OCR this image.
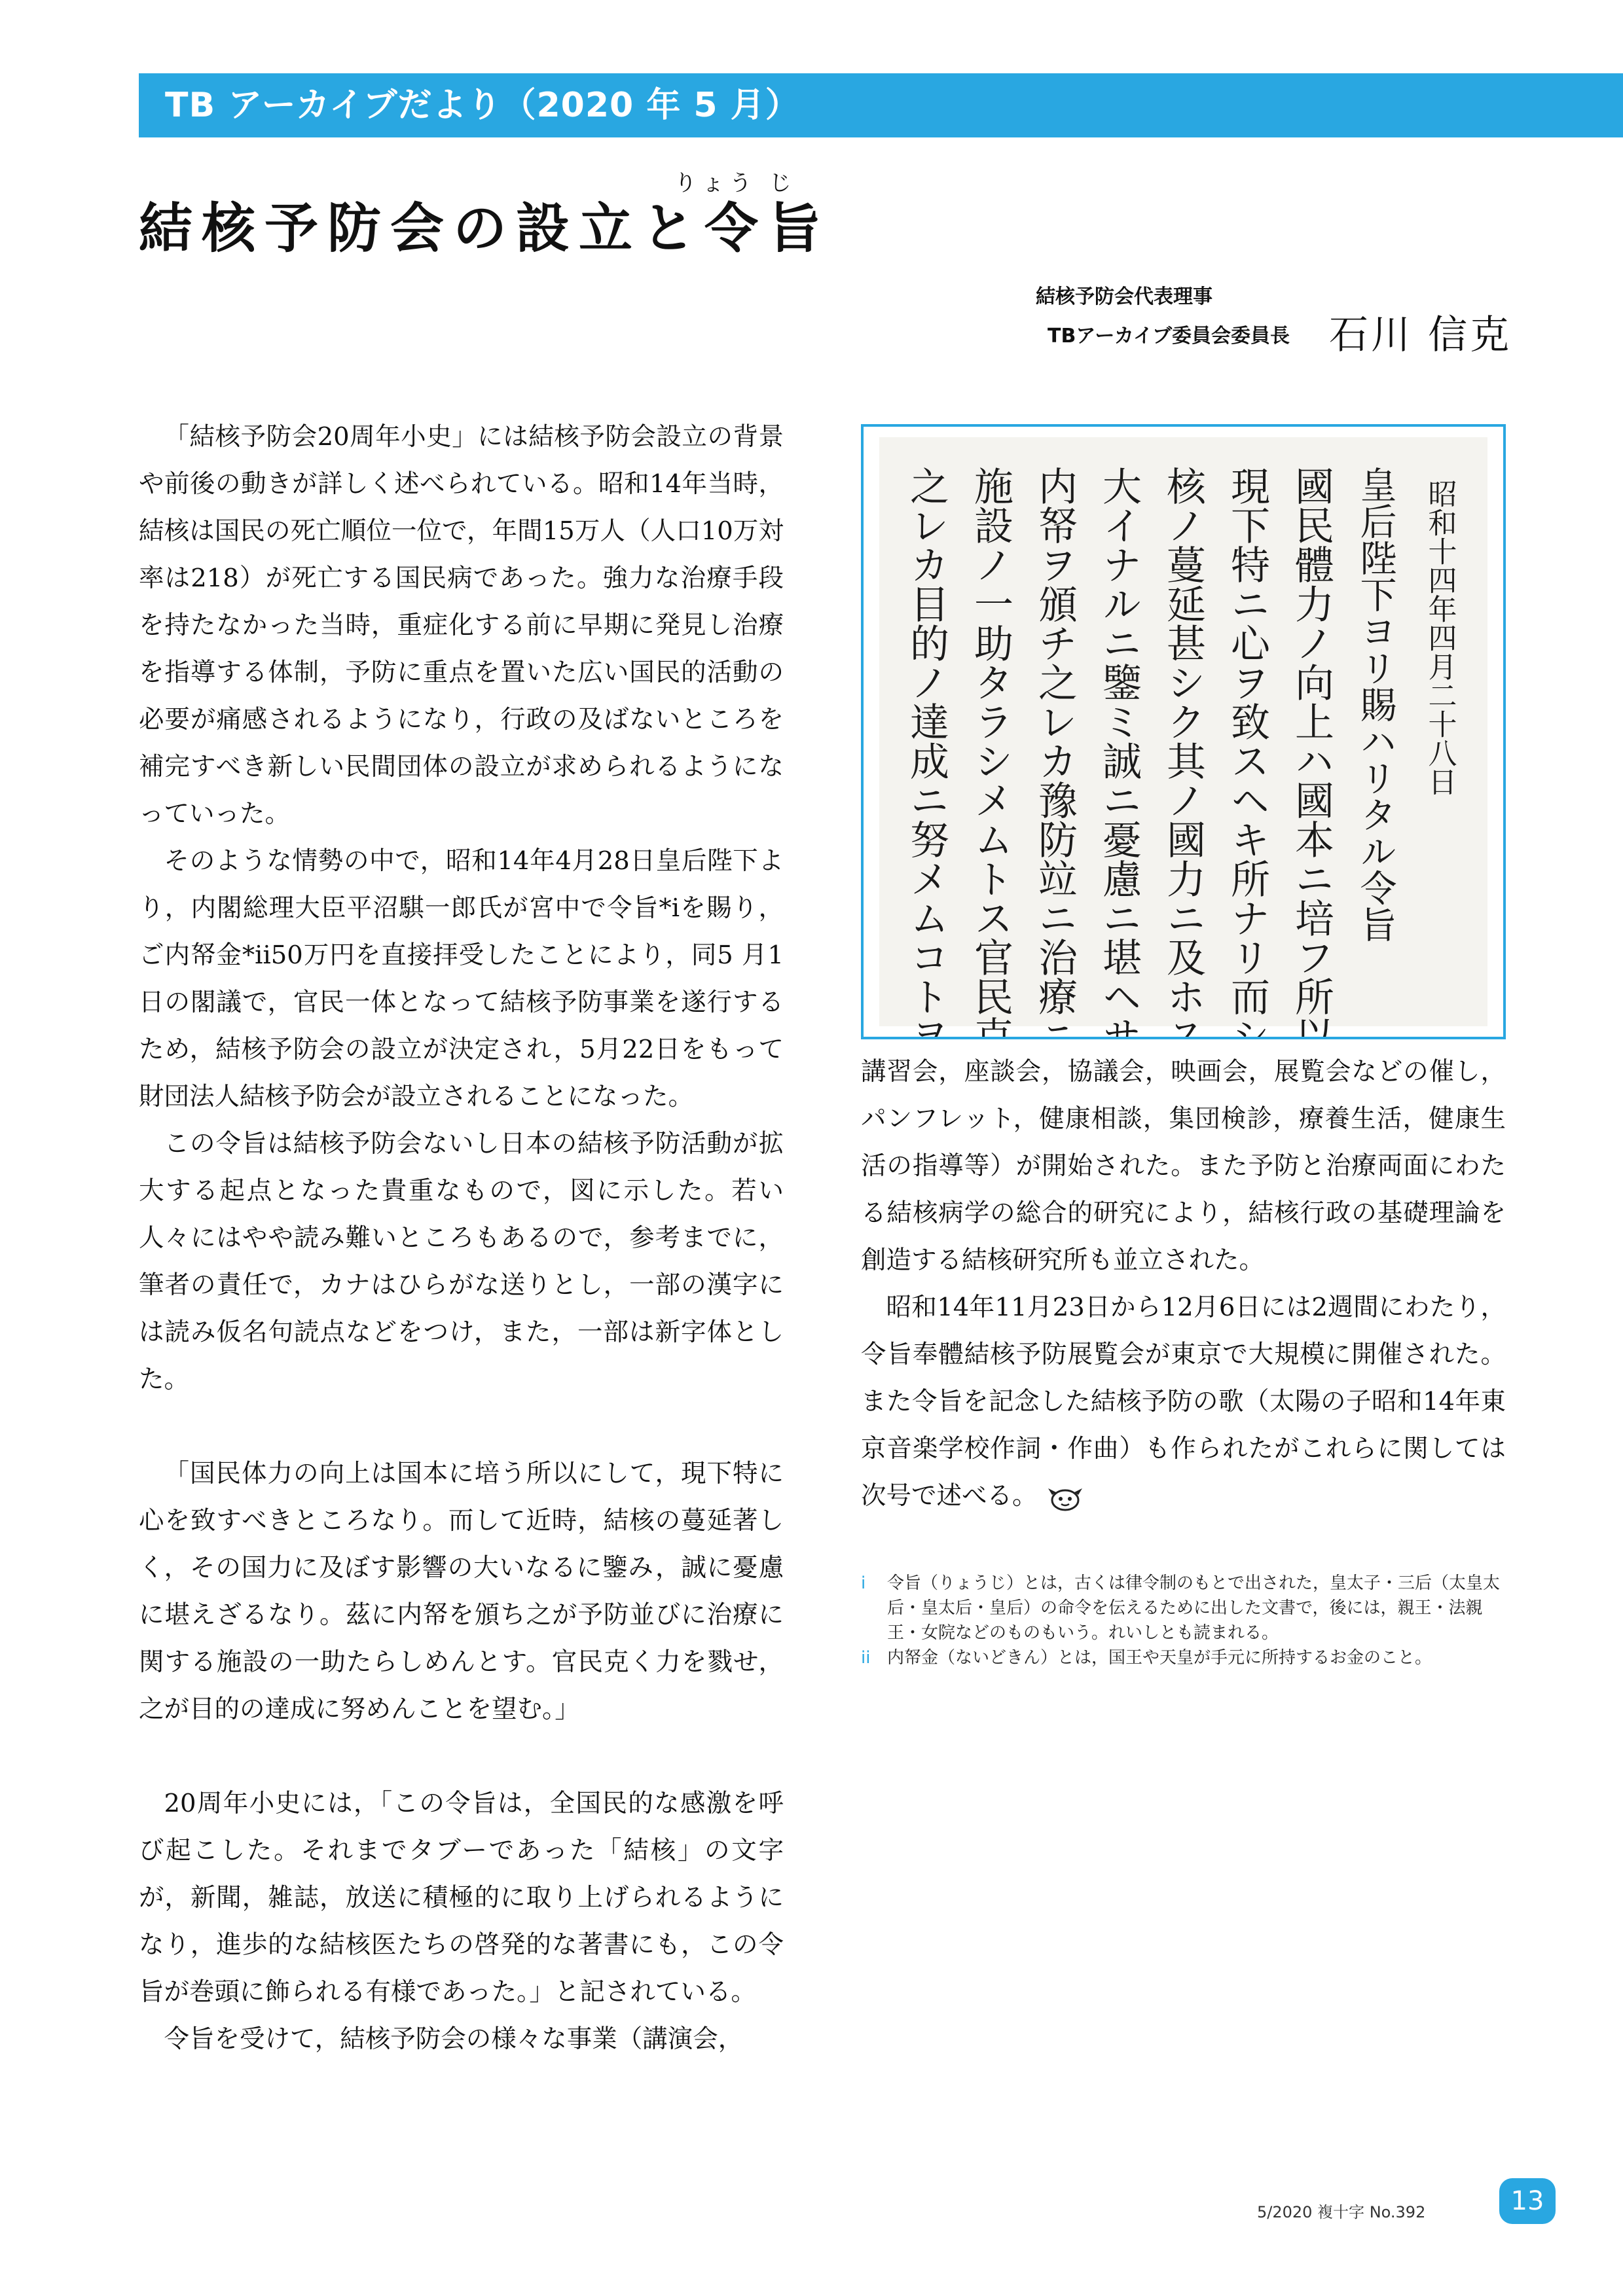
TB アーカイブだより（2020 年 5 月）
りょう じ
結核予防会の設立と令旨
結核予防会代表理事
TBアーカイブ委員会委員長 石川 信克

「結核予防会20周年小史」には結核予防会設立の背景や前後の動きが詳しく述べられている。昭和14年当時，結核は国民の死亡順位一位で，年間15万人（人口10万対率は218）が死亡する国民病であった。強力な治療手段を持たなかった当時，重症化する前に早期に発見し治療を指導する体制，予防に重点を置いた広い国民的活動の必要が痛感されるようになり，行政の及ばないところを補完すべき新しい民間団体の設立が求められるようになっていった。

そのような情勢の中で，昭和14年4月28日皇后陛下より，内閣総理大臣平沼騏一郎氏が宮中で令旨*iを賜り，ご内帑金*ii50万円を直接拝受したことにより，同5 月1 日の閣議で，官民一体となって結核予防事業を遂行するため，結核予防会の設立が決定され，5月22日をもって財団法人結核予防会が設立されることになった。

この令旨は結核予防会ないし日本の結核予防活動が拡大する起点となった貴重なもので，図に示した。若い人々にはやや読み難いところもあるので，参考までに，筆者の責任で，カナはひらがな送りとし，一部の漢字には読み仮名句読点などをつけ，また，一部は新字体とした。

「国民体力の向上は国本に培う所以にして，現下特に心を致すべきところなり。而して近時，結核の蔓延著しく，その国力に及ぼす影響の大いなるに鑒み，誠に憂慮に堪えざるなり。茲に内帑を頒ち之が予防並びに治療に関する施設の一助たらしめんとす。官民克く力を戮せ，之が目的の達成に努めんことを望む。」

20周年小史には，「この令旨は，全国民的な感激を呼び起こした。それまでタブーであった「結核」の文字が，新聞，雑誌，放送に積極的に取り上げられるようになり，進歩的な結核医たちの啓発的な著書にも，この令旨が巻頭に飾られる有様であった。」と記されている。

令旨を受けて，結核予防会の様々な事業（講演会，

昭和十四年四月二十八日
皇后陛下ヨリ賜ハリタル令旨
國民體力ノ向上ハ國本ニ培フ所以ニシテ
現下特ニ心ヲ致スヘキ所ナリ而シテ近時結
核ノ蔓延甚シク其ノ國力ニ及ホス影響ノ
大イナルニ鑒ミ誠ニ憂慮ニ堪ヘサルナリ茲ニ
内帑ヲ頒チ之レカ豫防竝ニ治療ニ關スル
施設ノ一助タラシメムトス官民克ク力ヲ戮セ
之レカ目的ノ達成ニ努メムコトヲ望ム

講習会，座談会，協議会，映画会，展覧会などの催し，パンフレット，健康相談，集団検診，療養生活，健康生活の指導等）が開始された。また予防と治療両面にわたる結核病学の総合的研究により，結核行政の基礎理論を創造する結核研究所も並立された。

昭和14年11月23日から12月6日には2週間にわたり，令旨奉體結核予防展覧会が東京で大規模に開催された。また令旨を記念した結核予防の歌（太陽の子昭和14年東京音楽学校作詞・作曲）も作られたがこれらに関しては次号で述べる。

i	令旨（りょうじ）とは，古くは律令制のもとで出された，皇太子・三后（太皇太后・皇太后・皇后）の命令を伝えるために出した文書で，後には，親王・法親王・女院などのものもいう。れいしとも読まれる。
ii 内帑金（ないどきん）とは，国王や天皇が手元に所持するお金のこと。
5/2020 複十字 No.392	13
